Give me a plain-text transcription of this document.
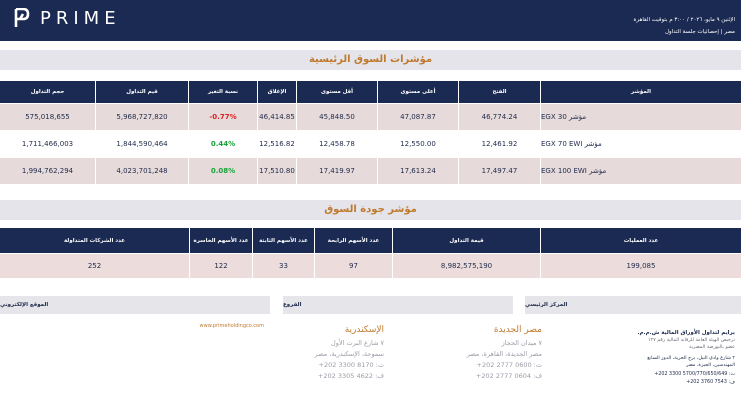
PRIME	الإثنين ٩ مايو، ٢٠٢٦ / ٣:٠٠ م بتوقيت القاهرة
مصر | إحصائيات جلسة التداول
مؤشرات السوق الرئيسية
المؤشر
الفتح
أعلى مستوى
أقل مستوى
الإغلاق
نسبة التغير
قيم التداول
حجم التداول
مؤشر EGX 30
46,774.24
47,087.87
45,848.50
46,414.85
-0.77%
5,968,727,820
575,018,655
مؤشر EGX 70 EWI
12,461.92
12,550.00
12,458.78
12,516.82
0.44%
1,844,590,464
1,711,466,003
مؤشر EGX 100 EWI
17,497.47
17,613.24
17,419.97
17,510.80
0.08%
4,023,701,248
1,994,762,294
مؤشر جودة السوق
عدد العمليات
قيمة التداول
عدد الأسهم الرابحة
عدد الأسهم الثابتة
عدد الأسهم الخاسرة
عدد الشركات المتداولة
199,085
8,982,575,190
97
33
122
252
المركز الرئيسي
الفروع
الموقع الإلكتروني
برايم لتداول الأوراق المالية ش.م.م.
ترخيص الهيئة العامة للرقابة المالية رقم ١٢٧
عضو بالبورصة المصرية
٢ شارع وادي النيل، برج الحرية، الدور السابع
المهندسين، الجيزة، مصر
+202 3300 5700/770/650/649 :ت
+202 3760 7543 :ف
مصر الجديدة
٧ ميدان الحجاز
مصر الجديدة، القاهرة، مصر
ت: 0600 2777 202+
ف: 0604 2777 202+
الإسكندرية
٧ شارع البرت الأول
سموحة، الإسكندرية، مصر
ت: 8170 3300 202+
ف: 4622 3305 202+
www.primeholdingco.com
